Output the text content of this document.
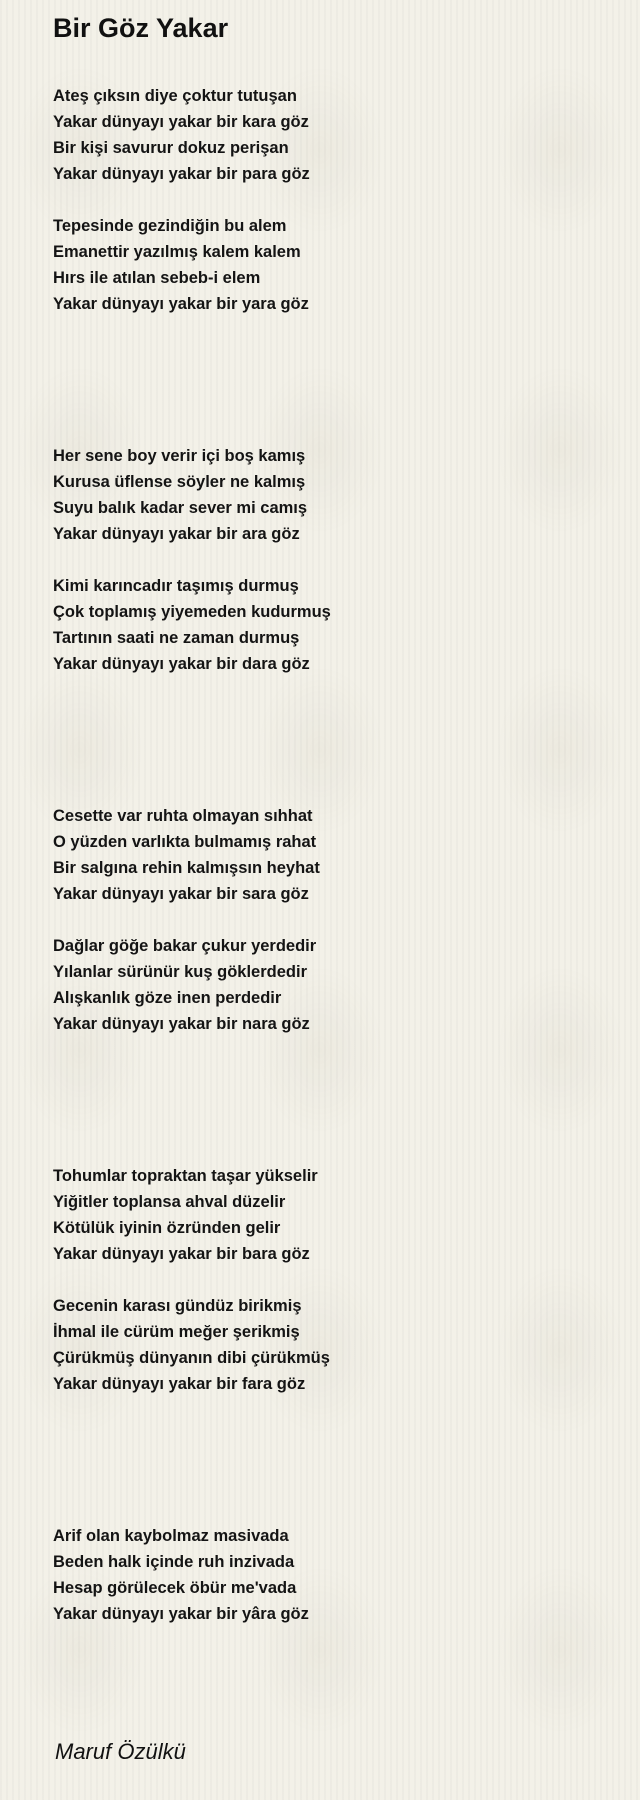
Bir Göz Yakar
Ateş çıksın diye çoktur tutuşan
Yakar dünyayı yakar bir kara göz
Bir kişi savurur dokuz perişan
Yakar dünyayı yakar bir para göz
Tepesinde gezindiğin bu alem
Emanettir yazılmış kalem kalem
Hırs ile atılan sebeb-i elem
Yakar dünyayı yakar bir yara göz
Her sene boy verir içi boş kamış
Kurusa üflense söyler ne kalmış
Suyu balık kadar sever mi camış
Yakar dünyayı yakar bir ara göz
Kimi karıncadır taşımış durmuş
Çok toplamış yiyemeden kudurmuş
Tartının saati ne zaman durmuş
Yakar dünyayı yakar bir dara göz
Cesette var ruhta olmayan sıhhat
O yüzden varlıkta bulmamış rahat
Bir salgına rehin kalmışsın heyhat
Yakar dünyayı yakar bir sara göz
Dağlar göğe bakar çukur yerdedir
Yılanlar sürünür kuş göklerdedir
Alışkanlık göze inen perdedir
Yakar dünyayı yakar bir nara göz
Tohumlar topraktan taşar yükselir
Yiğitler toplansa ahval düzelir
Kötülük iyinin özründen gelir
Yakar dünyayı yakar bir bara göz
Gecenin karası gündüz birikmiş
İhmal ile cürüm meğer şerikmiş
Çürükmüş dünyanın dibi çürükmüş
Yakar dünyayı yakar bir fara göz
Arif olan kaybolmaz masivada
Beden halk içinde ruh inzivada
Hesap görülecek öbür me'vada
Yakar dünyayı yakar bir yâra göz
Maruf Özülkü
